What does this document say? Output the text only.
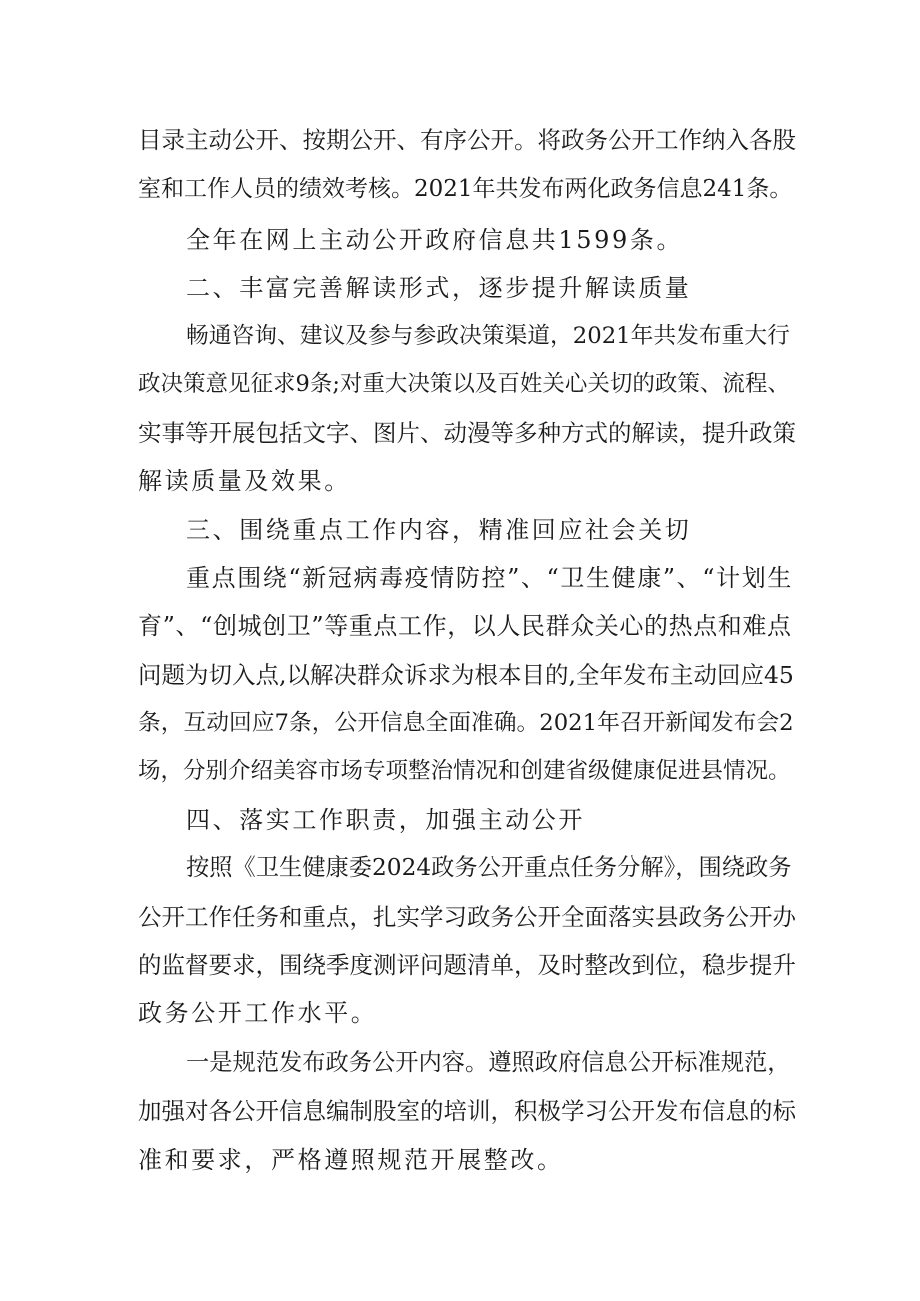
目录主动公开、按期公开、有序公开。将政务公开工作纳入各股
室和工作人员的绩效考核。2021年共发布两化政务信息241条。
全年在网上主动公开政府信息共1599条。
二、丰富完善解读形式，逐步提升解读质量
畅通咨询、建议及参与参政决策渠道，2021年共发布重大行
政决策意见征求9条;对重大决策以及百姓关心关切的政策、流程、
实事等开展包括文字、图片、动漫等多种方式的解读，提升政策
解读质量及效果。
三、围绕重点工作内容，精准回应社会关切
重点围绕“新冠病毒疫情防控”、“卫生健康”、“计划生
育”、“创城创卫”等重点工作，以人民群众关心的热点和难点
问题为切入点,以解决群众诉求为根本目的,全年发布主动回应45
条，互动回应7条，公开信息全面准确。2021年召开新闻发布会2
场，分别介绍美容市场专项整治情况和创建省级健康促进县情况。
四、落实工作职责，加强主动公开
按照《卫生健康委2024政务公开重点任务分解》，围绕政务
公开工作任务和重点，扎实学习政务公开全面落实县政务公开办
的监督要求，围绕季度测评问题清单，及时整改到位，稳步提升
政务公开工作水平。
一是规范发布政务公开内容。遵照政府信息公开标准规范，
加强对各公开信息编制股室的培训，积极学习公开发布信息的标
准和要求，严格遵照规范开展整改。
